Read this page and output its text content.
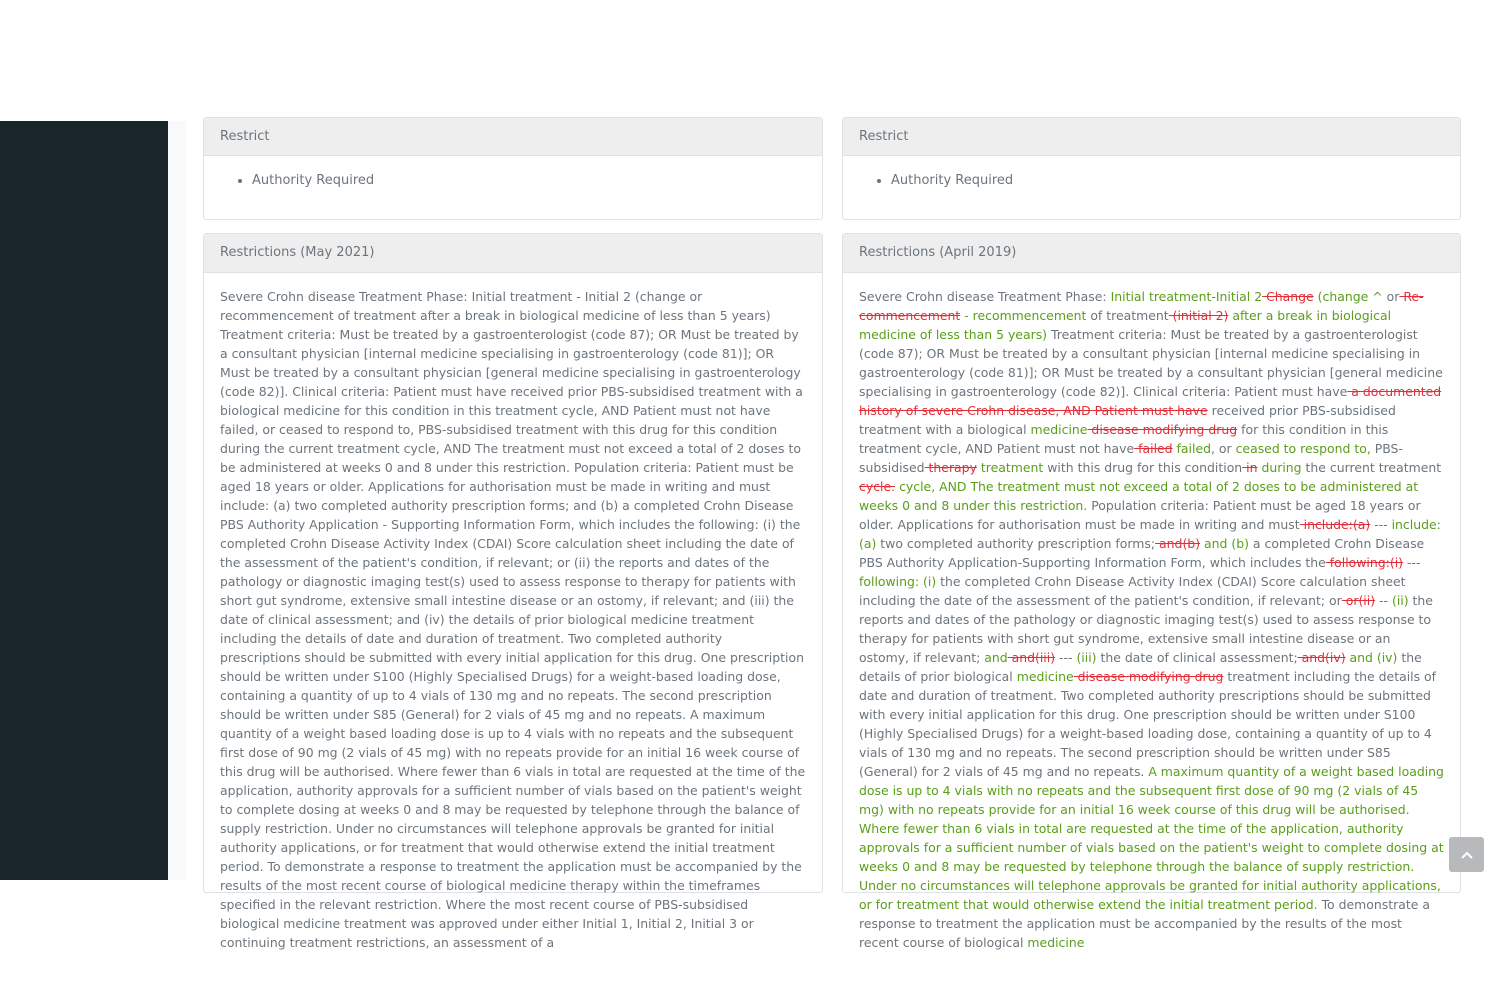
Restrict
• Authority Required
Restrict
• Authority Required
Restrictions (May 2021)
Severe Crohn disease Treatment Phase: Initial treatment - Initial 2 (change or recommencement of treatment after a break in biological medicine of less than 5 years) Treatment criteria: Must be treated by a gastroenterologist (code 87); OR Must be treated by a consultant physician [internal medicine specialising in gastroenterology (code 81)]; OR Must be treated by a consultant physician [general medicine specialising in gastroenterology (code 82)]. Clinical criteria: Patient must have received prior PBS-subsidised treatment with a biological medicine for this condition in this treatment cycle, AND Patient must not have failed, or ceased to respond to, PBS-subsidised treatment with this drug for this condition during the current treatment cycle, AND The treatment must not exceed a total of 2 doses to be administered at weeks 0 and 8 under this restriction. Population criteria: Patient must be aged 18 years or older. Applications for authorisation must be made in writing and must include: (a) two completed authority prescription forms; and (b) a completed Crohn Disease PBS Authority Application - Supporting Information Form, which includes the following: (i) the completed Crohn Disease Activity Index (CDAI) Score calculation sheet including the date of the assessment of the patient's condition, if relevant; or (ii) the reports and dates of the pathology or diagnostic imaging test(s) used to assess response to therapy for patients with short gut syndrome, extensive small intestine disease or an ostomy, if relevant; and (iii) the date of clinical assessment; and (iv) the details of prior biological medicine treatment including the details of date and duration of treatment. Two completed authority prescriptions should be submitted with every initial application for this drug. One prescription should be written under S100 (Highly Specialised Drugs) for a weight-based loading dose, containing a quantity of up to 4 vials of 130 mg and no repeats. The second prescription should be written under S85 (General) for 2 vials of 45 mg and no repeats. A maximum quantity of a weight based loading dose is up to 4 vials with no repeats and the subsequent first dose of 90 mg (2 vials of 45 mg) with no repeats provide for an initial 16 week course of this drug will be authorised. Where fewer than 6 vials in total are requested at the time of the application, authority approvals for a sufficient number of vials based on the patient's weight to complete dosing at weeks 0 and 8 may be requested by telephone through the balance of supply restriction. Under no circumstances will telephone approvals be granted for initial authority applications, or for treatment that would otherwise extend the initial treatment period. To demonstrate a response to treatment the application must be accompanied by the results of the most recent course of biological medicine therapy within the timeframes specified in the relevant restriction. Where the most recent course of PBS-subsidised biological medicine treatment was approved under either Initial 1, Initial 2, Initial 3 or continuing treatment restrictions, an assessment of a
Restrictions (April 2019)
Severe Crohn disease Treatment Phase: Initial treatment-Initial 2 Change (change ^ or Re-commencement - recommencement of treatment (initial 2) after a break in biological medicine of less than 5 years) Treatment criteria: Must be treated by a gastroenterologist (code 87); OR Must be treated by a consultant physician [internal medicine specialising in gastroenterology (code 81)]; OR Must be treated by a consultant physician [general medicine specialising in gastroenterology (code 82)]. Clinical criteria: Patient must have a documented history of severe Crohn disease, AND Patient must have received prior PBS-subsidised treatment with a biological medicine disease modifying drug for this condition in this treatment cycle, AND Patient must not have failed failed, or ceased to respond to, PBS-subsidised therapy treatment with this drug for this condition in during the current treatment cycle. cycle, AND The treatment must not exceed a total of 2 doses to be administered at weeks 0 and 8 under this restriction. Population criteria: Patient must be aged 18 years or older. Applications for authorisation must be made in writing and must include:(a) --- include: (a) two completed authority prescription forms; and(b) and (b) a completed Crohn Disease PBS Authority Application-Supporting Information Form, which includes the following:(i) --- following: (i) the completed Crohn Disease Activity Index (CDAI) Score calculation sheet including the date of the assessment of the patient's condition, if relevant; or or(ii) -- (ii) the reports and dates of the pathology or diagnostic imaging test(s) used to assess response to therapy for patients with short gut syndrome, extensive small intestine disease or an ostomy, if relevant; and and(iii) --- (iii) the date of clinical assessment; and(iv) and (iv) the details of prior biological medicine disease modifying drug treatment including the details of date and duration of treatment. Two completed authority prescriptions should be submitted with every initial application for this drug. One prescription should be written under S100 (Highly Specialised Drugs) for a weight-based loading dose, containing a quantity of up to 4 vials of 130 mg and no repeats. The second prescription should be written under S85 (General) for 2 vials of 45 mg and no repeats. A maximum quantity of a weight based loading dose is up to 4 vials with no repeats and the subsequent first dose of 90 mg (2 vials of 45 mg) with no repeats provide for an initial 16 week course of this drug will be authorised. Where fewer than 6 vials in total are requested at the time of the application, authority approvals for a sufficient number of vials based on the patient's weight to complete dosing at weeks 0 and 8 may be requested by telephone through the balance of supply restriction. Under no circumstances will telephone approvals be granted for initial authority applications, or for treatment that would otherwise extend the initial treatment period. To demonstrate a response to treatment the application must be accompanied by the results of the most recent course of biological medicine
